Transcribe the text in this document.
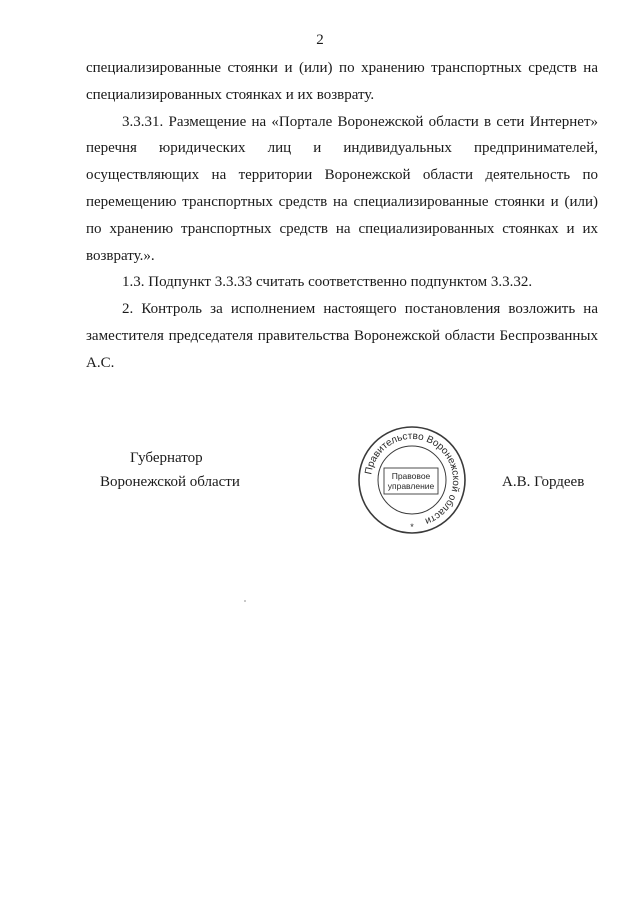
2

специализированные стоянки и (или) по хранению транспортных средств на специализированных стоянках и их возврату.

3.3.31. Размещение на «Портале Воронежской области в сети Интернет» перечня юридических лиц и индивидуальных предпринимателей, осуществляющих на территории Воронежской области деятельность по перемещению транспортных средств на специализированные стоянки и (или) по хранению транспортных средств на специализированных стоянках и их возврату.».

1.3. Подпункт 3.3.33 считать соответственно подпунктом 3.3.32.

2. Контроль за исполнением настоящего постановления возложить на заместителя председателя правительства Воронежской области Беспрозванных А.С.

Губернатор
Воронежской области	А.В. Гордеев
Правительство Воронежской области
Правовое
управление
*
